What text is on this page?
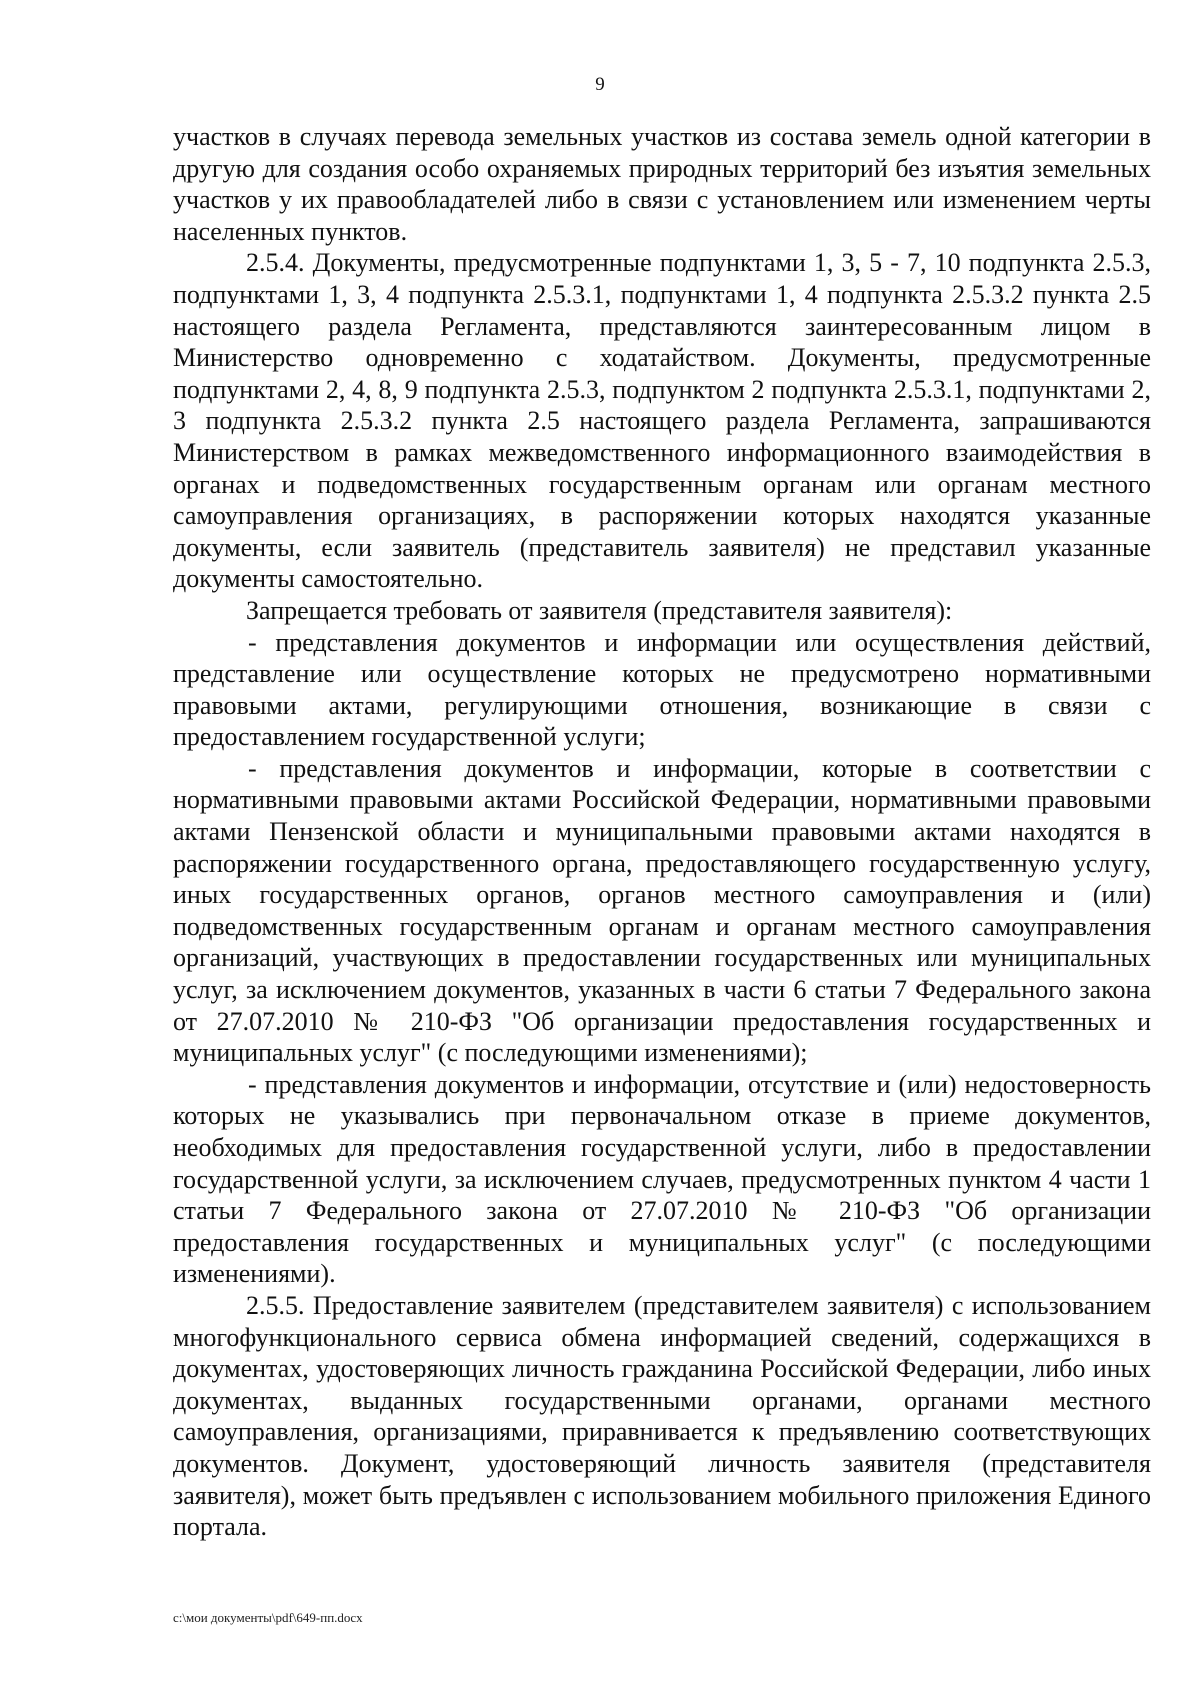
9

участков в случаях перевода земельных участков из состава земель одной категории в другую для создания особо охраняемых природных территорий без изъятия земельных участков у их правообладателей либо в связи с установлением или изменением черты населенных пунктов.

2.5.4. Документы, предусмотренные подпунктами 1, 3, 5 - 7, 10 подпункта 2.5.3, подпунктами 1, 3, 4 подпункта 2.5.3.1, подпунктами 1, 4 подпункта 2.5.3.2 пункта 2.5 настоящего раздела Регламента, представляются заинтересованным лицом в Министерство одновременно с ходатайством. Документы, предусмотренные подпунктами 2, 4, 8, 9 подпункта 2.5.3, подпунктом 2 подпункта 2.5.3.1, подпунктами 2, 3 подпункта 2.5.3.2 пункта 2.5 настоящего раздела Регламента, запрашиваются Министерством в рамках межведомственного информационного взаимодействия в органах и подведомственных государственным органам или органам местного самоуправления организациях, в распоряжении которых находятся указанные документы, если заявитель (представитель заявителя) не представил указанные документы самостоятельно.

Запрещается требовать от заявителя (представителя заявителя):

- представления документов и информации или осуществления действий, представление или осуществление которых не предусмотрено нормативными правовыми актами, регулирующими отношения, возникающие в связи с предоставлением государственной услуги;

- представления документов и информации, которые в соответствии с нормативными правовыми актами Российской Федерации, нормативными правовыми актами Пензенской области и муниципальными правовыми актами находятся в распоряжении государственного органа, предоставляющего государственную услугу, иных государственных органов, органов местного самоуправления и (или) подведомственных государственным органам и органам местного самоуправления организаций, участвующих в предоставлении государственных или муниципальных услуг, за исключением документов, указанных в части 6 статьи 7 Федерального закона от 27.07.2010 № 210-ФЗ "Об организации предоставления государственных и муниципальных услуг" (с последующими изменениями);

- представления документов и информации, отсутствие и (или) недостоверность которых не указывались при первоначальном отказе в приеме документов, необходимых для предоставления государственной услуги, либо в предоставлении государственной услуги, за исключением случаев, предусмотренных пунктом 4 части 1 статьи 7 Федерального закона от 27.07.2010 № 210-ФЗ "Об организации предоставления государственных и муниципальных услуг" (с последующими изменениями).

2.5.5. Предоставление заявителем (представителем заявителя) с использованием многофункционального сервиса обмена информацией сведений, содержащихся в документах, удостоверяющих личность гражданина Российской Федерации, либо иных документах, выданных государственными органами, органами местного самоуправления, организациями, приравнивается к предъявлению соответствующих документов. Документ, удостоверяющий личность заявителя (представителя заявителя), может быть предъявлен с использованием мобильного приложения Единого портала.

c:\мои документы\pdf\649-пп.docx
